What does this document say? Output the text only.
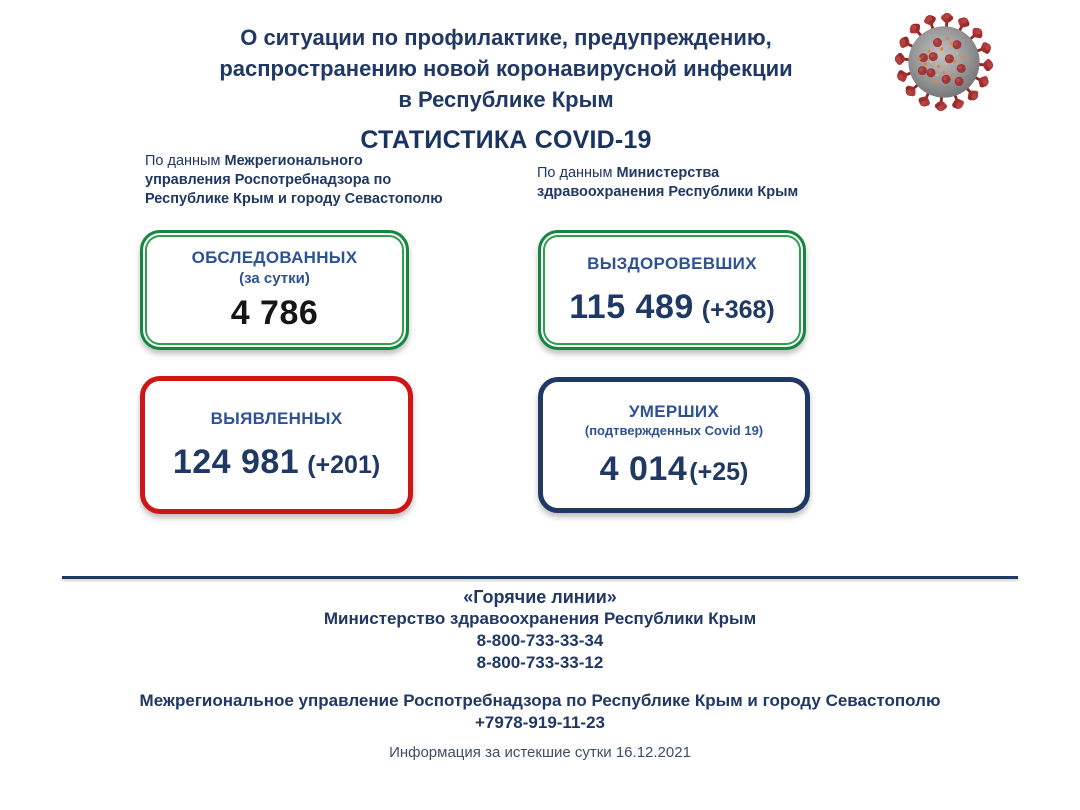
О ситуации по профилактике, предупреждению,
распространению новой коронавирусной инфекции
в Республике Крым
СТАТИСТИКА COVID-19
По данным Межрегионального управления Роспотребнадзора по Республике Крым и городу Севастополю
По данным Министерства здравоохранения Республики Крым
ОБСЛЕДОВАННЫХ
(за сутки)
4 786
ВЫЗДОРОВЕВШИХ
115 489 (+368)
ВЫЯВЛЕННЫХ
124 981 (+201)
УМЕРШИХ
(подтвержденных Covid 19)
4 014 (+25)
«Горячие линии»
Министерство здравоохранения Республики Крым
8-800-733-33-34
8-800-733-33-12
Межрегиональное управление Роспотребнадзора по Республике Крым и городу Севастополю
+7978-919-11-23
Информация за истекшие сутки 16.12.2021
